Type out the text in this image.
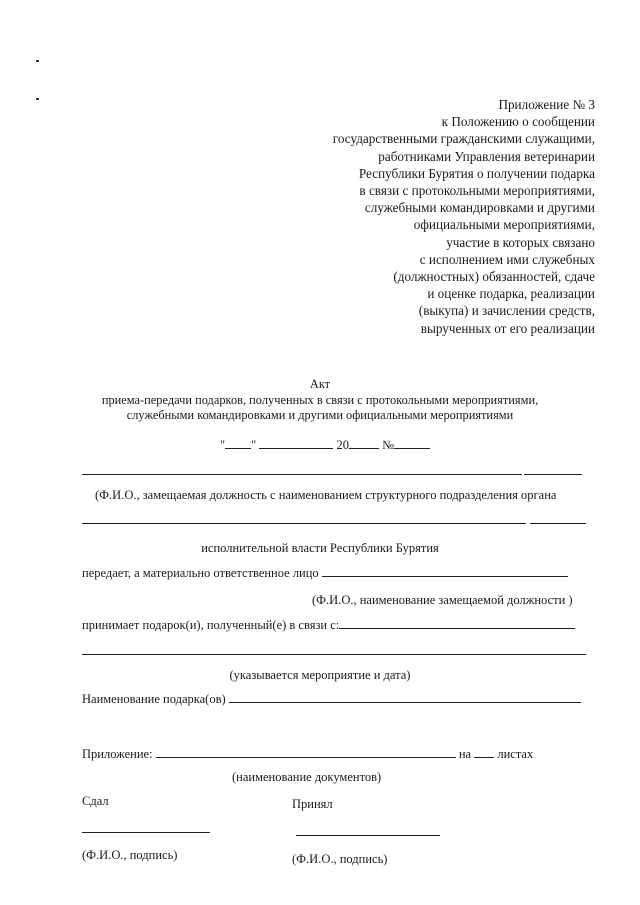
Приложение № 3
к Положению о сообщении
государственными гражданскими служащими,
работниками Управления ветеринарии
Республики Бурятия о получении подарка
в связи с протокольными мероприятиями,
служебными командировками и другими
официальными мероприятиями,
участие в которых связано
с исполнением ими служебных
(должностных) обязанностей, сдаче
и оценке подарка, реализации
(выкупа) и зачислении средств,
вырученных от его реализации
Акт
приема-передачи подарков, полученных в связи с протокольными мероприятиями,
служебными командировками и другими официальными мероприятиями
" "	20	№
(Ф.И.О., замещаемая должность с наименованием структурного подразделения органа
исполнительной власти Республики Бурятия
передает, а материально ответственное лицо
(Ф.И.О., наименование замещаемой должности )
принимает подарок(и), полученный(е) в связи с:
(указывается мероприятие и дата)
Наименование подарка(ов)
Приложение:	на листах
(наименование документов)
Сдал	Принял
(Ф.И.О., подпись)	(Ф.И.О., подпись)
